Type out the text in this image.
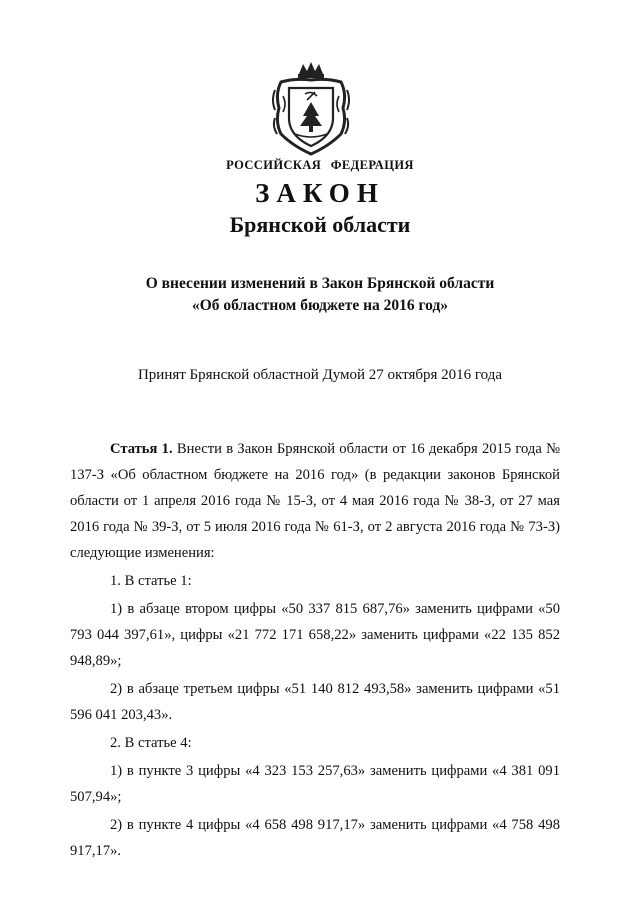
РОССИЙСКАЯ ФЕДЕРАЦИЯ
ЗАКОН
Брянской области
О внесении изменений в Закон Брянской области
«Об областном бюджете на 2016 год»
Принят Брянской областной Думой 27 октября 2016 года

Статья 1. Внести в Закон Брянской области от 16 декабря 2015 года № 137-З «Об областном бюджете на 2016 год» (в редакции законов Брянской области от 1 апреля 2016 года № 15-З, от 4 мая 2016 года № 38-З, от 27 мая 2016 года № 39-З, от 5 июля 2016 года № 61-З, от 2 августа 2016 года № 73-З) следующие изменения:

1. В статье 1:

1) в абзаце втором цифры «50 337 815 687,76» заменить цифрами «50 793 044 397,61», цифры «21 772 171 658,22» заменить цифрами «22 135 852 948,89»;

2) в абзаце третьем цифры «51 140 812 493,58» заменить цифрами «51 596 041 203,43».

2. В статье 4:

1) в пункте 3 цифры «4 323 153 257,63» заменить цифрами «4 381 091 507,94»;

2) в пункте 4 цифры «4 658 498 917,17» заменить цифрами «4 758 498 917,17».
